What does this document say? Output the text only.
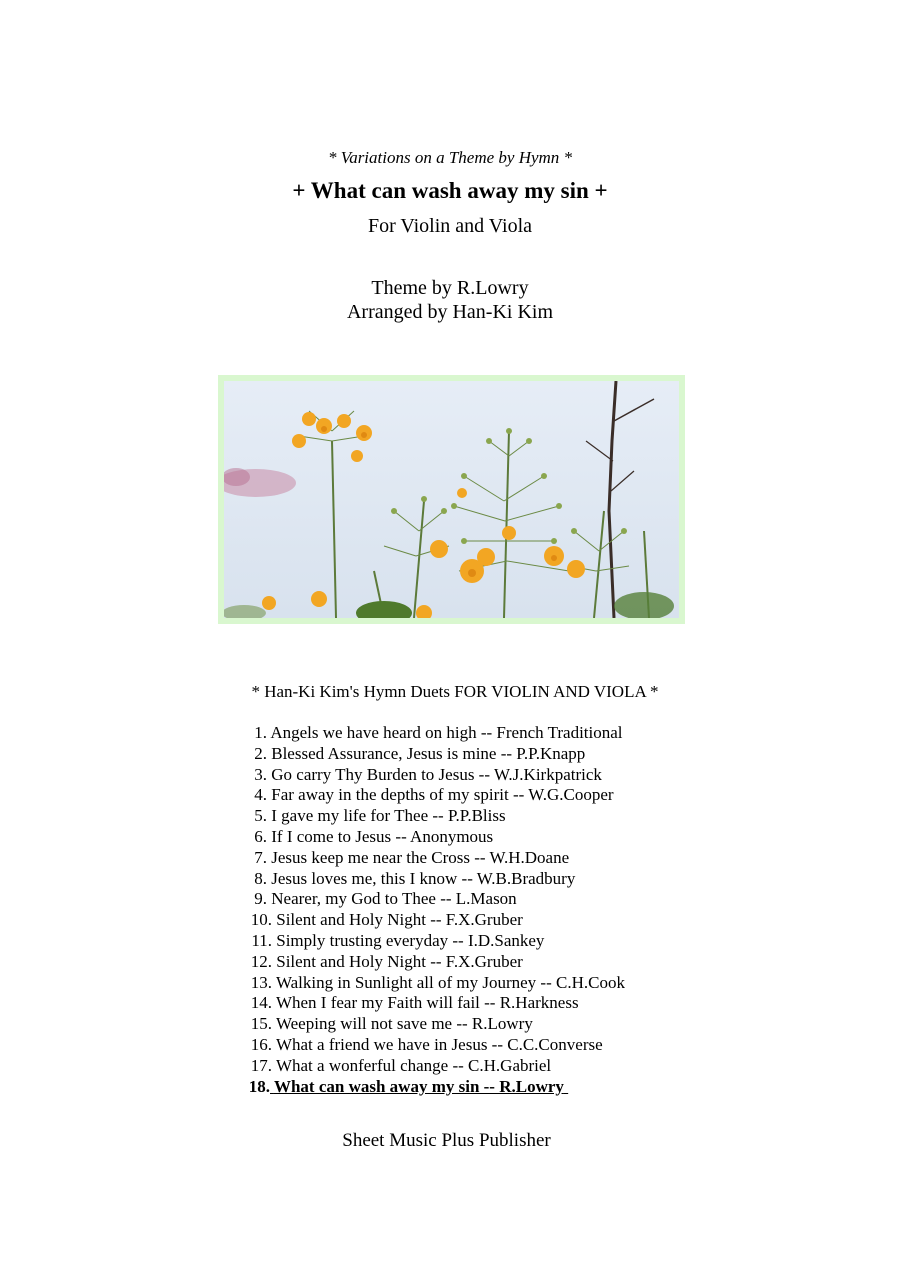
* Variations on a Theme by Hymn *
+ What can wash away my sin +
For Violin and Viola
Theme by R.Lowry
Arranged by Han-Ki Kim
* Han-Ki Kim's Hymn Duets FOR VIOLIN AND VIOLA *
1. Angels we have heard on high -- French Traditional
2. Blessed Assurance, Jesus is mine -- P.P.Knapp
3. Go carry Thy Burden to Jesus -- W.J.Kirkpatrick
4. Far away in the depths of my spirit -- W.G.Cooper
5. I gave my life for Thee -- P.P.Bliss
6. If I come to Jesus -- Anonymous
7. Jesus keep me near the Cross -- W.H.Doane
8. Jesus loves me, this I know -- W.B.Bradbury
9. Nearer, my God to Thee -- L.Mason
10. Silent and Holy Night -- F.X.Gruber
11. Simply trusting everyday -- I.D.Sankey
12. Silent and Holy Night -- F.X.Gruber
13. Walking in Sunlight all of my Journey -- C.H.Cook
14. When I fear my Faith will fail -- R.Harkness
15. Weeping will not save me -- R.Lowry
16. What a friend we have in Jesus -- C.C.Converse
17. What a wonferful change -- C.H.Gabriel
18. What can wash away my sin -- R.Lowry
Sheet Music Plus Publisher
